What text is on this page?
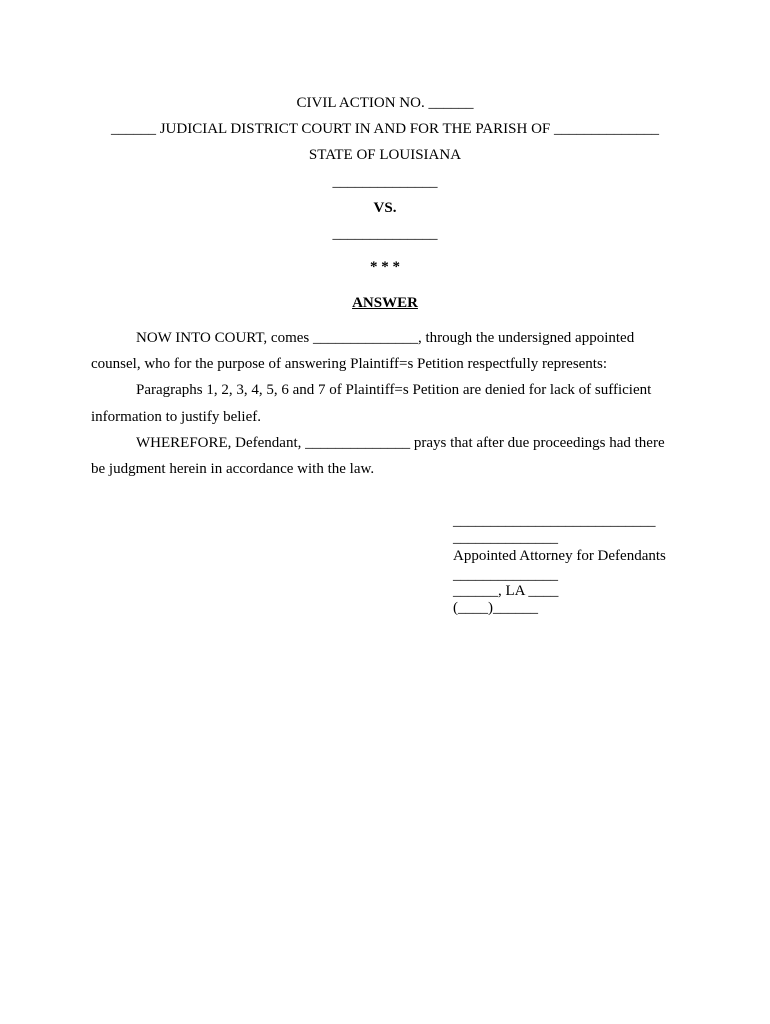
CIVIL ACTION NO. ______
______ JUDICIAL DISTRICT COURT IN AND FOR THE PARISH OF ______________
STATE OF LOUISIANA
______________
VS.
______________
* * *
ANSWER
NOW INTO COURT, comes ______________, through the undersigned appointed
counsel, who for the purpose of answering Plaintiff=s Petition respectfully represents:
Paragraphs 1, 2, 3, 4, 5, 6 and 7 of Plaintiff=s Petition are denied for lack of sufficient
information to justify belief.
WHEREFORE, Defendant, ______________ prays that after due proceedings had there
be judgment herein in accordance with the law.
___________________________
______________
Appointed Attorney for Defendants
______________
______, LA ____
(____)______
